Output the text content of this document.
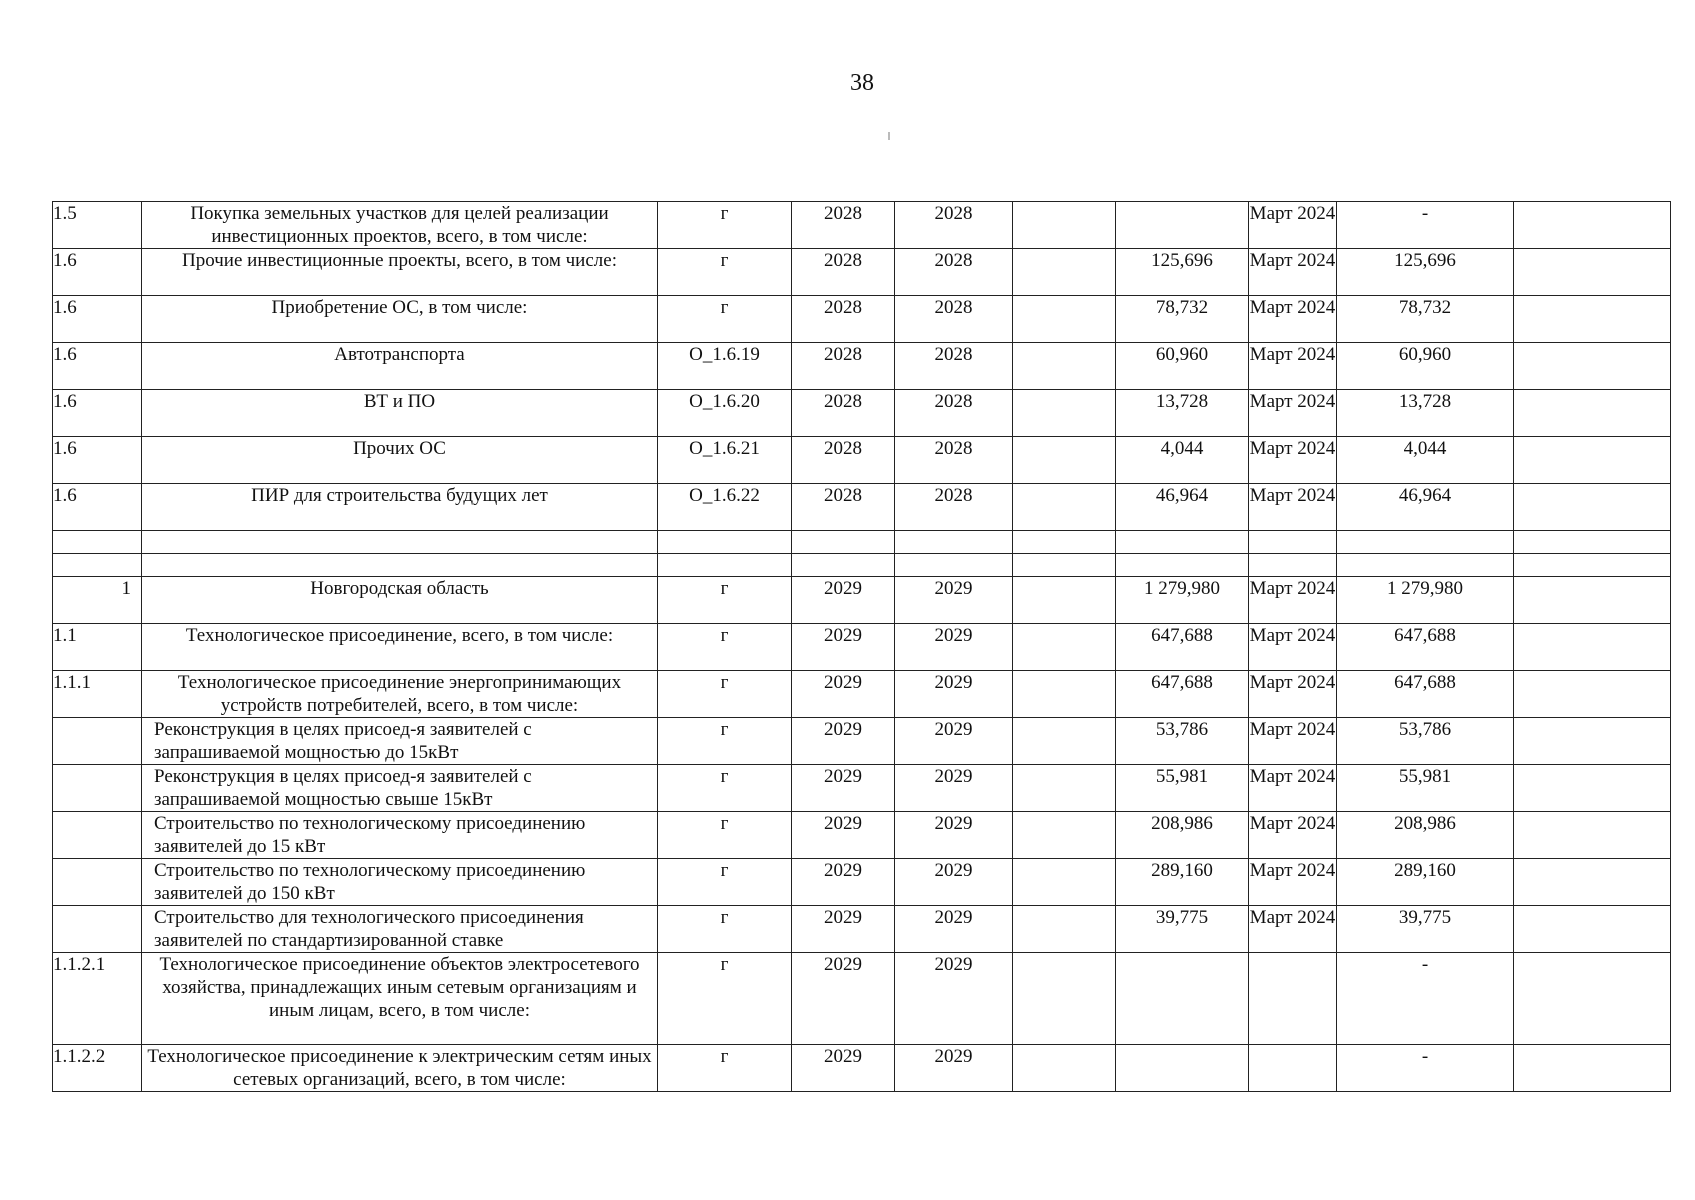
38
1.5	Покупка земельных участков для целей реализации инвестиционных проектов, всего, в том числе:	г	2028	2028			Март 2024	-	
1.6	Прочие инвестиционные проекты, всего, в том числе:	г	2028	2028		125,696	Март 2024	125,696	
1.6	Приобретение ОС, в том числе:	г	2028	2028		78,732	Март 2024	78,732	
1.6	Автотранспорта	О_1.6.19	2028	2028		60,960	Март 2024	60,960	
1.6	ВТ и ПО	О_1.6.20	2028	2028		13,728	Март 2024	13,728	
1.6	Прочих ОС	О_1.6.21	2028	2028		4,044	Март 2024	4,044	
1.6	ПИР для строительства будущих лет	О_1.6.22	2028	2028		46,964	Март 2024	46,964	

1	Новгородская область	г	2029	2029		1 279,980	Март 2024	1 279,980	
1.1	Технологическое присоединение, всего, в том числе:	г	2029	2029		647,688	Март 2024	647,688	
1.1.1	Технологическое присоединение энергопринимающих устройств потребителей, всего, в том числе:	г	2029	2029		647,688	Март 2024	647,688	
	Реконструкция в целях присоед-я заявителей с запрашиваемой мощностью до 15кВт	г	2029	2029		53,786	Март 2024	53,786	
	Реконструкция в целях присоед-я заявителей с запрашиваемой мощностью свыше 15кВт	г	2029	2029		55,981	Март 2024	55,981	
	Строительство по технологическому присоединению заявителей до 15 кВт	г	2029	2029		208,986	Март 2024	208,986	
	Строительство по технологическому присоединению заявителей до 150 кВт	г	2029	2029		289,160	Март 2024	289,160	
	Строительство для технологического присоединения заявителей по стандартизированной ставке	г	2029	2029		39,775	Март 2024	39,775	
1.1.2.1	Технологическое присоединение объектов электросетевого хозяйства, принадлежащих иным сетевым организациям и иным лицам, всего, в том числе:	г	2029	2029				-	
1.1.2.2	Технологическое присоединение к электрическим сетям иных сетевых организаций, всего, в том числе:	г	2029	2029				-	
